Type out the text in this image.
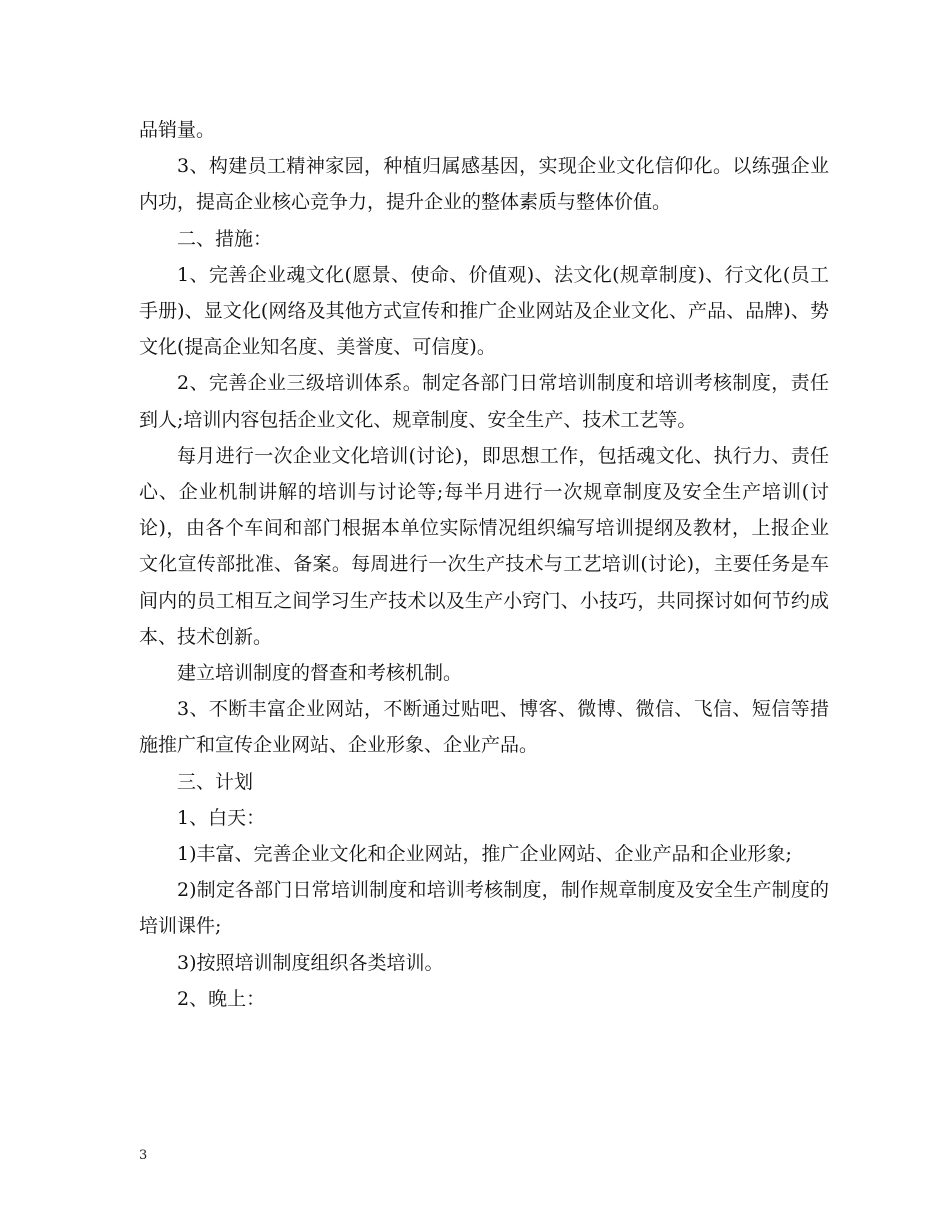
品销量。

3、构建员工精神家园，种植归属感基因，实现企业文化信仰化。以练强企业内功，提高企业核心竞争力，提升企业的整体素质与整体价值。

二、措施：

1、完善企业魂文化(愿景、使命、价值观)、法文化(规章制度)、行文化(员工手册)、显文化(网络及其他方式宣传和推广企业网站及企业文化、产品、品牌)、势文化(提高企业知名度、美誉度、可信度)。

2、完善企业三级培训体系。制定各部门日常培训制度和培训考核制度，责任到人;培训内容包括企业文化、规章制度、安全生产、技术工艺等。

每月进行一次企业文化培训(讨论)，即思想工作，包括魂文化、执行力、责任心、企业机制讲解的培训与讨论等;每半月进行一次规章制度及安全生产培训(讨论)，由各个车间和部门根据本单位实际情况组织编写培训提纲及教材，上报企业文化宣传部批准、备案。每周进行一次生产技术与工艺培训(讨论)，主要任务是车间内的员工相互之间学习生产技术以及生产小窍门、小技巧，共同探讨如何节约成本、技术创新。

建立培训制度的督查和考核机制。

3、不断丰富企业网站，不断通过贴吧、博客、微博、微信、飞信、短信等措施推广和宣传企业网站、企业形象、企业产品。

三、计划

1、白天：

1)丰富、完善企业文化和企业网站，推广企业网站、企业产品和企业形象;

2)制定各部门日常培训制度和培训考核制度，制作规章制度及安全生产制度的培训课件;

3)按照培训制度组织各类培训。

2、晚上：

3
